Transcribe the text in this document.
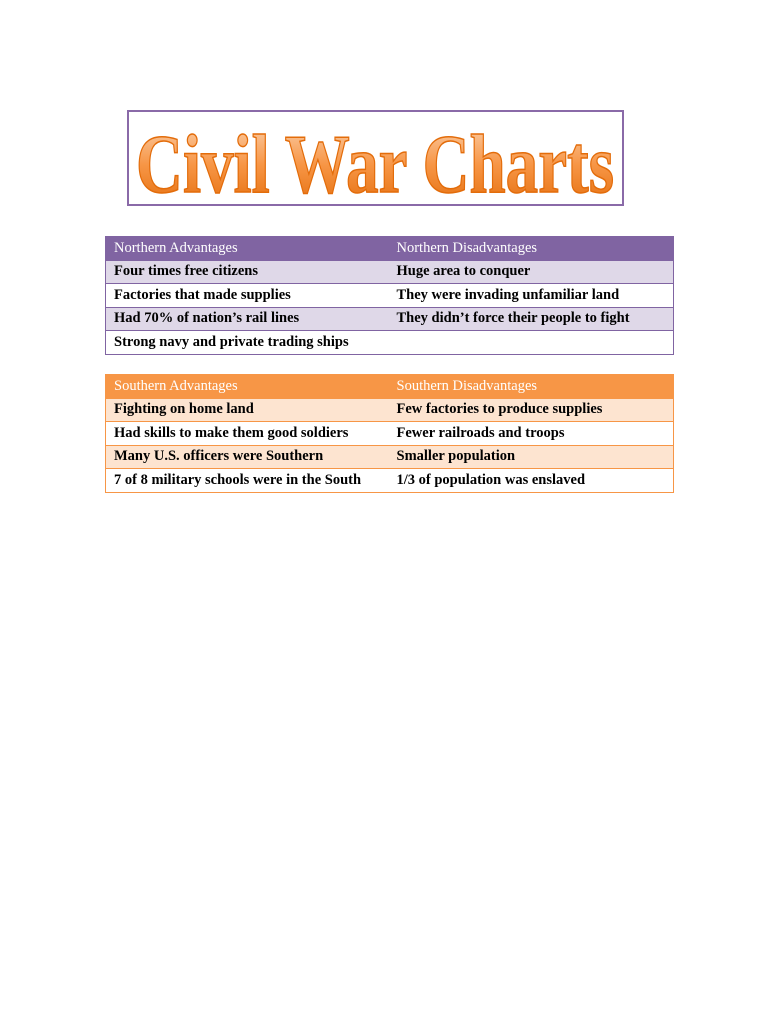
Civil War Charts
Northern Advantages	Northern Disadvantages
Four times free citizens	Huge area to conquer
Factories that made supplies	They were invading unfamiliar land
Had 70% of nation’s rail lines	They didn’t force their people to fight
Strong navy and private trading ships	
Southern Advantages	Southern Disadvantages
Fighting on home land	Few factories to produce supplies
Had skills to make them good soldiers	Fewer railroads and troops
Many U.S. officers were Southern	Smaller population
7 of 8 military schools were in the South	1/3 of population was enslaved
